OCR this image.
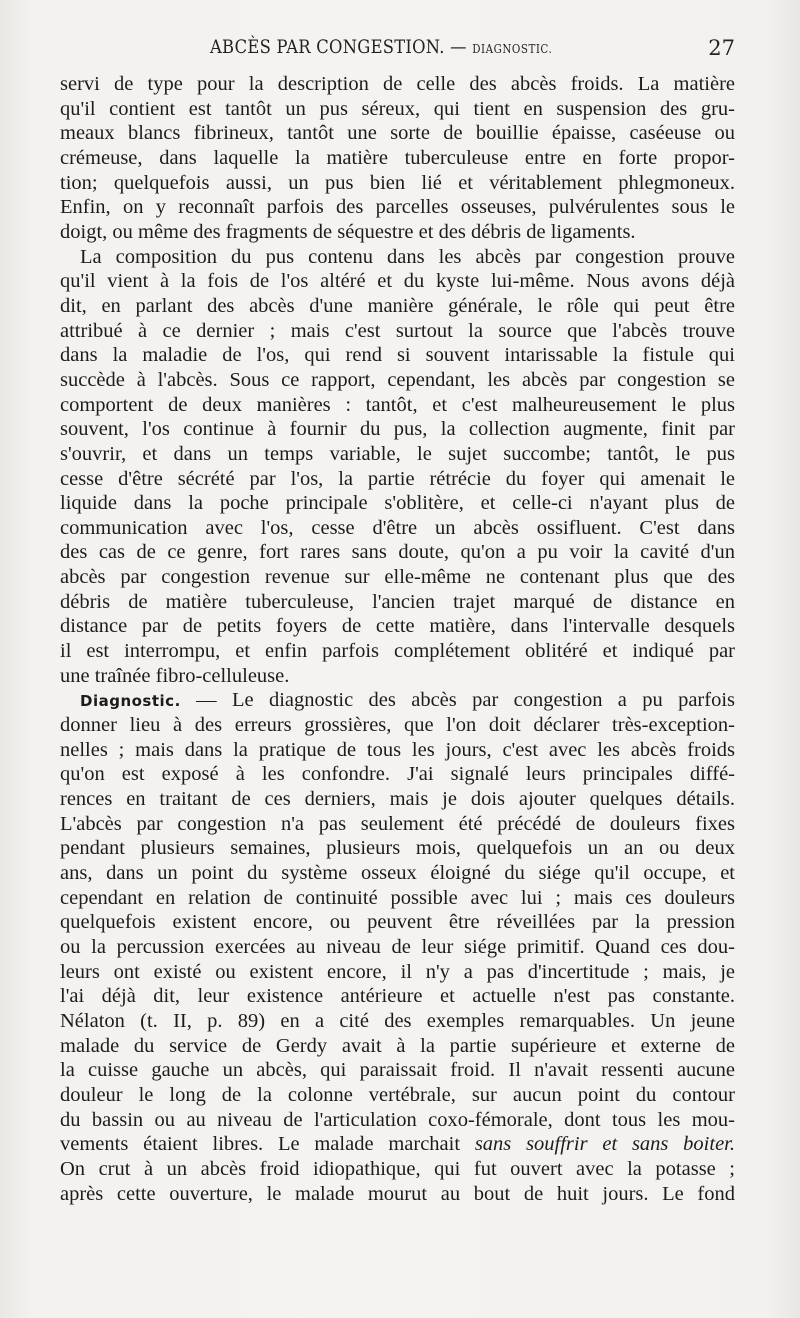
ABCÈS PAR CONGESTION. — DIAGNOSTIC.	27
servi de type pour la description de celle des abcès froids. La matière
qu'il contient est tantôt un pus séreux, qui tient en suspension des gru-
meaux blancs fibrineux, tantôt une sorte de bouillie épaisse, caséeuse ou
crémeuse, dans laquelle la matière tuberculeuse entre en forte propor-
tion; quelquefois aussi, un pus bien lié et véritablement phlegmoneux.
Enfin, on y reconnaît parfois des parcelles osseuses, pulvérulentes sous le
doigt, ou même des fragments de séquestre et des débris de ligaments.
La composition du pus contenu dans les abcès par congestion prouve
qu'il vient à la fois de l'os altéré et du kyste lui-même. Nous avons déjà
dit, en parlant des abcès d'une manière générale, le rôle qui peut être
attribué à ce dernier ; mais c'est surtout la source que l'abcès trouve
dans la maladie de l'os, qui rend si souvent intarissable la fistule qui
succède à l'abcès. Sous ce rapport, cependant, les abcès par congestion se
comportent de deux manières : tantôt, et c'est malheureusement le plus
souvent, l'os continue à fournir du pus, la collection augmente, finit par
s'ouvrir, et dans un temps variable, le sujet succombe; tantôt, le pus
cesse d'être sécrété par l'os, la partie rétrécie du foyer qui amenait le
liquide dans la poche principale s'oblitère, et celle-ci n'ayant plus de
communication avec l'os, cesse d'être un abcès ossifluent. C'est dans
des cas de ce genre, fort rares sans doute, qu'on a pu voir la cavité d'un
abcès par congestion revenue sur elle-même ne contenant plus que des
débris de matière tuberculeuse, l'ancien trajet marqué de distance en
distance par de petits foyers de cette matière, dans l'intervalle desquels
il est interrompu, et enfin parfois complétement oblitéré et indiqué par
une traînée fibro-celluleuse.
Diagnostic. — Le diagnostic des abcès par congestion a pu parfois
donner lieu à des erreurs grossières, que l'on doit déclarer très-exception-
nelles ; mais dans la pratique de tous les jours, c'est avec les abcès froids
qu'on est exposé à les confondre. J'ai signalé leurs principales diffé-
rences en traitant de ces derniers, mais je dois ajouter quelques détails.
L'abcès par congestion n'a pas seulement été précédé de douleurs fixes
pendant plusieurs semaines, plusieurs mois, quelquefois un an ou deux
ans, dans un point du système osseux éloigné du siége qu'il occupe, et
cependant en relation de continuité possible avec lui ; mais ces douleurs
quelquefois existent encore, ou peuvent être réveillées par la pression
ou la percussion exercées au niveau de leur siége primitif. Quand ces dou-
leurs ont existé ou existent encore, il n'y a pas d'incertitude ; mais, je
l'ai déjà dit, leur existence antérieure et actuelle n'est pas constante.
Nélaton (t. II, p. 89) en a cité des exemples remarquables. Un jeune
malade du service de Gerdy avait à la partie supérieure et externe de
la cuisse gauche un abcès, qui paraissait froid. Il n'avait ressenti aucune
douleur le long de la colonne vertébrale, sur aucun point du contour
du bassin ou au niveau de l'articulation coxo-fémorale, dont tous les mou-
vements étaient libres. Le malade marchait sans souffrir et sans boiter.
On crut à un abcès froid idiopathique, qui fut ouvert avec la potasse ;
après cette ouverture, le malade mourut au bout de huit jours. Le fond
